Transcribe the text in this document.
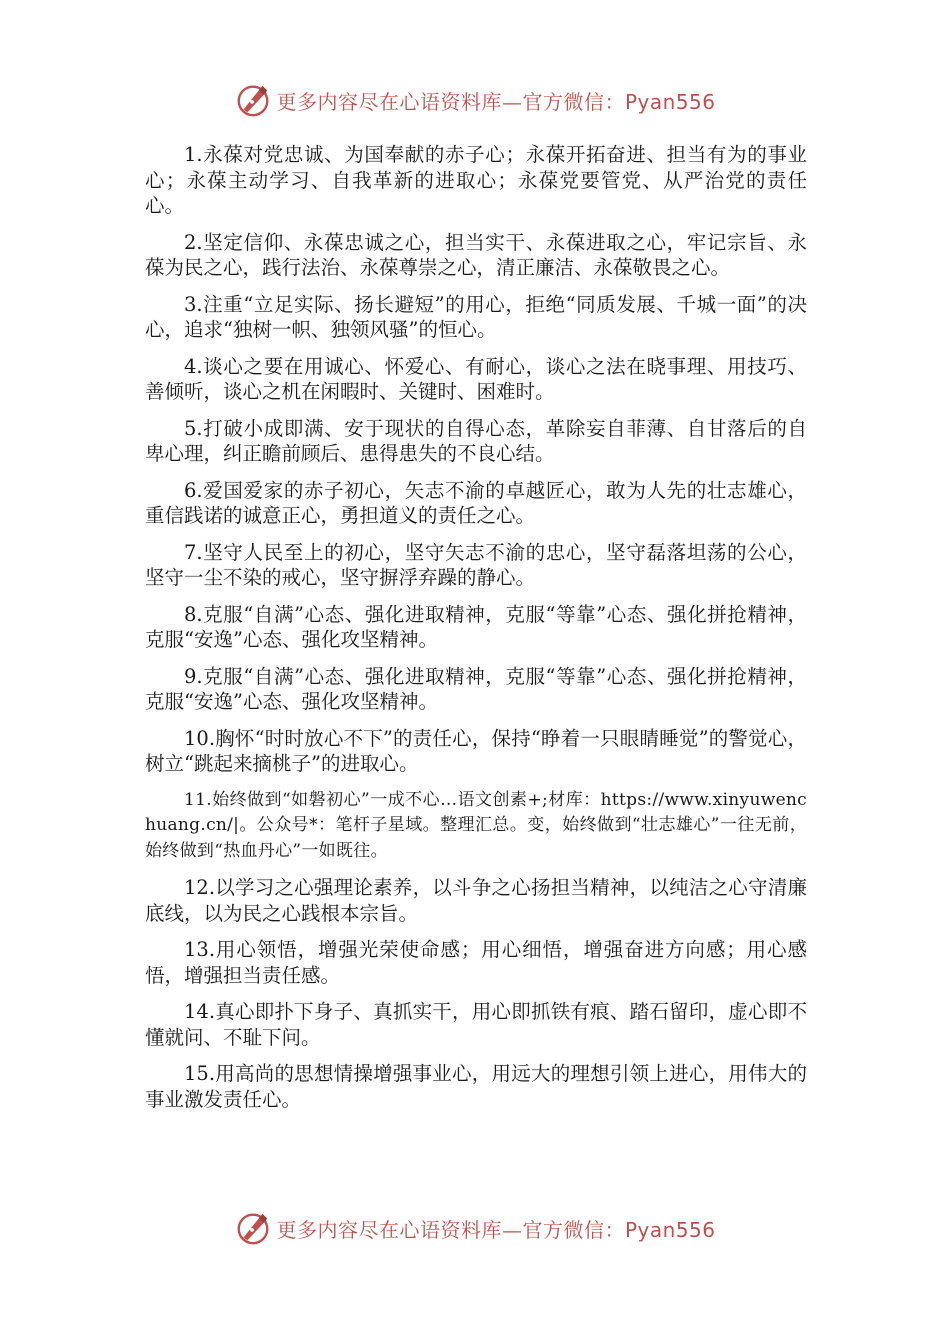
更多内容尽在心语资料库—官方微信：Pyan556

1.永葆对党忠诚、为国奉献的赤子心；永葆开拓奋进、担当有为的事业心；永葆主动学习、自我革新的进取心；永葆党要管党、从严治党的责任心。

2.坚定信仰、永葆忠诚之心，担当实干、永葆进取之心，牢记宗旨、永葆为民之心，践行法治、永葆尊崇之心，清正廉洁、永葆敬畏之心。

3.注重“立足实际、扬长避短”的用心，拒绝“同质发展、千城一面”的决心，追求“独树一帜、独领风骚”的恒心。

4.谈心之要在用诚心、怀爱心、有耐心，谈心之法在晓事理、用技巧、善倾听，谈心之机在闲暇时、关键时、困难时。

5.打破小成即满、安于现状的自得心态，革除妄自菲薄、自甘落后的自卑心理，纠正瞻前顾后、患得患失的不良心结。

6.爱国爱家的赤子初心，矢志不渝的卓越匠心，敢为人先的壮志雄心，重信践诺的诚意正心，勇担道义的责任之心。

7.坚守人民至上的初心，坚守矢志不渝的忠心，坚守磊落坦荡的公心，坚守一尘不染的戒心，坚守摒浮弃躁的静心。

8.克服“自满”心态、强化进取精神，克服“等靠”心态、强化拼抢精神，克服“安逸”心态、强化攻坚精神。

9.克服“自满”心态、强化进取精神，克服“等靠”心态、强化拼抢精神，克服“安逸”心态、强化攻坚精神。

10.胸怀“时时放心不下”的责任心，保持“睁着一只眼睛睡觉”的警觉心，树立“跳起来摘桃子”的进取心。

11.始终做到“如磐初心”一成不心…语文创素+;材库：https://www.xinyuwenchuang.cn/|。公众号*：笔杆子星域。整理汇总。变，始终做到“壮志雄心”一往无前，始终做到“热血丹心”一如既往。

12.以学习之心强理论素养，以斗争之心扬担当精神，以纯洁之心守清廉底线，以为民之心践根本宗旨。

13.用心领悟，增强光荣使命感；用心细悟，增强奋进方向感；用心感悟，增强担当责任感。

14.真心即扑下身子、真抓实干，用心即抓铁有痕、踏石留印，虚心即不懂就问、不耻下问。

15.用高尚的思想情操增强事业心，用远大的理想引领上进心，用伟大的事业激发责任心。

更多内容尽在心语资料库—官方微信：Pyan556
